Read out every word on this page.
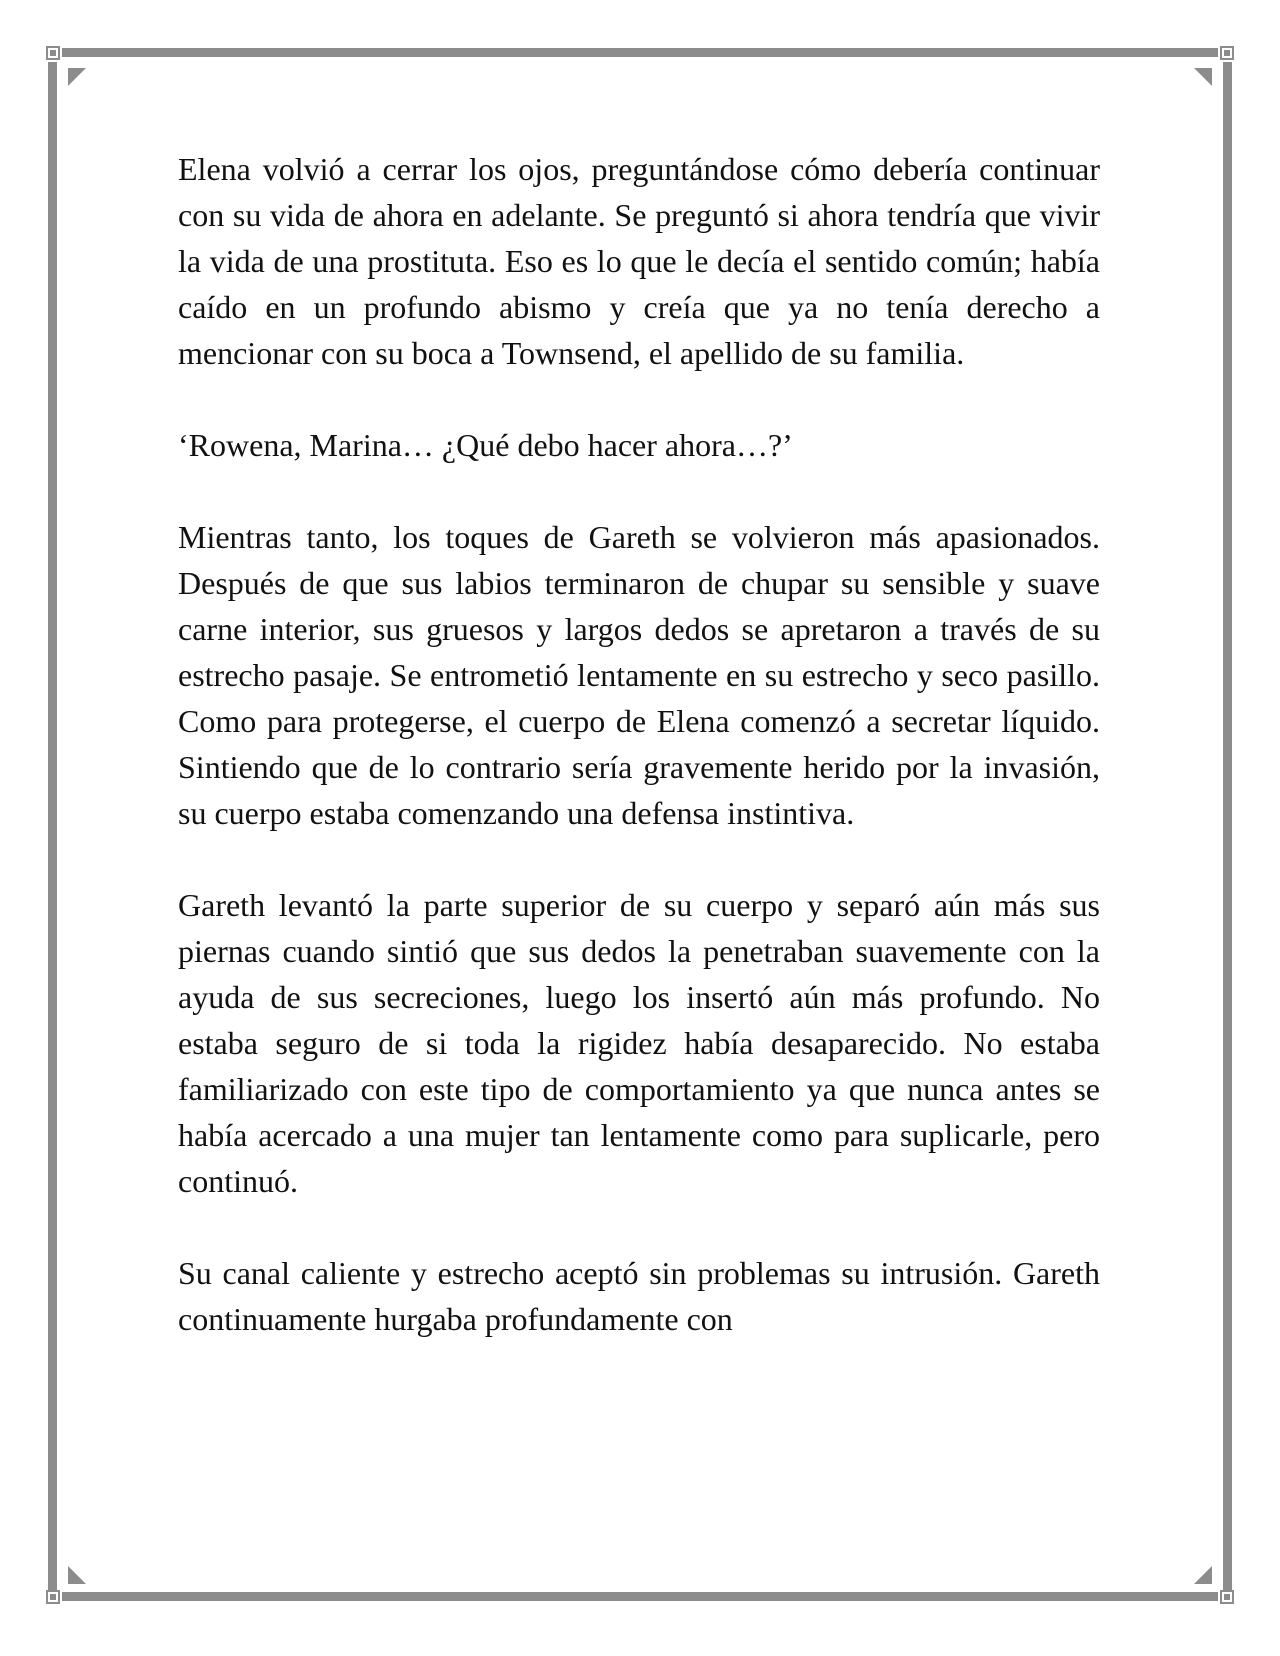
Elena volvió a cerrar los ojos, preguntándose cómo debería continuar con su vida de ahora en adelante. Se preguntó si ahora tendría que vivir la vida de una prostituta. Eso es lo que le decía el sentido común; había caído en un profundo abismo y creía que ya no tenía derecho a mencionar con su boca a Townsend, el apellido de su familia.

‘Rowena, Marina… ¿Qué debo hacer ahora…?’

Mientras tanto, los toques de Gareth se volvieron más apasionados. Después de que sus labios terminaron de chupar su sensible y suave carne interior, sus gruesos y largos dedos se apretaron a través de su estrecho pasaje. Se entrometió lentamente en su estrecho y seco pasillo. Como para protegerse, el cuerpo de Elena comenzó a secretar líquido. Sintiendo que de lo contrario sería gravemente herido por la invasión, su cuerpo estaba comenzando una defensa instintiva.

Gareth levantó la parte superior de su cuerpo y separó aún más sus piernas cuando sintió que sus dedos la penetraban suavemente con la ayuda de sus secreciones, luego los insertó aún más profundo. No estaba seguro de si toda la rigidez había desaparecido. No estaba familiarizado con este tipo de comportamiento ya que nunca antes se había acercado a una mujer tan lentamente como para suplicarle, pero continuó.

Su canal caliente y estrecho aceptó sin problemas su intrusión. Gareth continuamente hurgaba profundamente con
